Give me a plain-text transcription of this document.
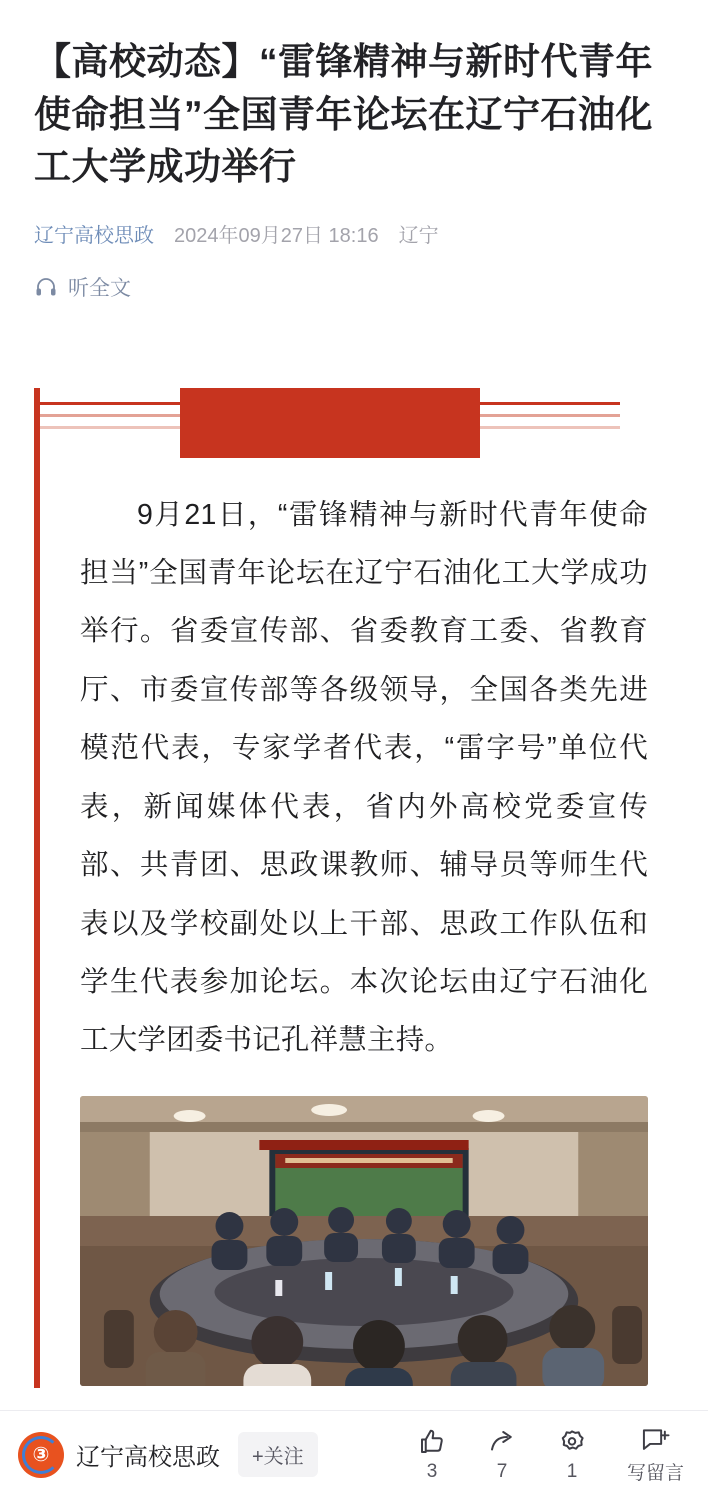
【高校动态】“雷锋精神与新时代青年使命担当”全国青年论坛在辽宁石油化工大学成功举行
辽宁高校思政 2024年09月27日 18:16 辽宁
听全文

9月21日，“雷锋精神与新时代青年使命担当”全国青年论坛在辽宁石油化工大学成功举行。省委宣传部、省委教育工委、省教育厅、市委宣传部等各级领导，全国各类先进模范代表，专家学者代表，“雷字号”单位代表，新闻媒体代表，省内外高校党委宣传部、共青团、思政课教师、辅导员等师生代表以及学校副处以上干部、思政工作队伍和学生代表参加论坛。本次论坛由辽宁石油化工大学团委书记孔祥慧主持。

③ 辽宁高校思政	+关注
3	7	1	写留言
